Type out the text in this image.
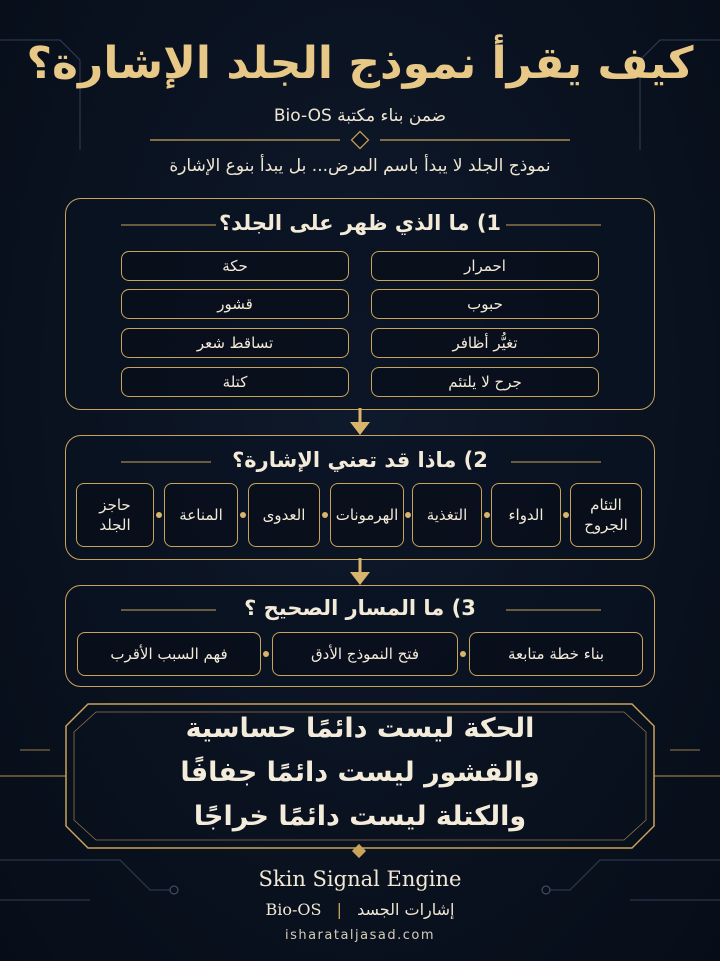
كيف يقرأ نموذج الجلد الإشارة؟
ضمن بناء مكتبة Bio-OS
نموذج الجلد لا يبدأ باسم المرض... بل يبدأ بنوع الإشارة
1) ما الذي ظهر على الجلد؟
احمرار
حكة
حبوب
قشور
تغيُّر أظافر
تساقط شعر
جرح لا يلتئم
كتلة
2) ماذا قد تعني الإشارة؟
التئام الجروح
الدواء
التغذية
الهرمونات
العدوى
المناعة
حاجز الجلد
3) ما المسار الصحيح ؟
بناء خطة متابعة
فتح النموذج الأدق
فهم السبب الأقرب
الحكة ليست دائمًا حساسية
والقشور ليست دائمًا جفافًا
والكتلة ليست دائمًا خراجًا
Skin Signal Engine
Bio-OS | إشارات الجسد
isharataljasad.com
